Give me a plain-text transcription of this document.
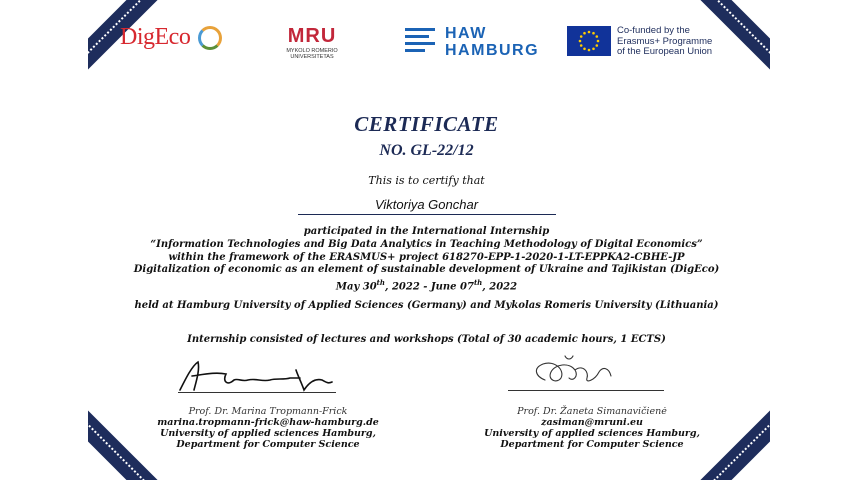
DigEco	MRU
MYKOLO ROMERIO UNIVERSITETAS
HAW
HAMBURG
Co-funded by the
Erasmus+ Programme
of the European Union
CERTIFICATE
NO. GL-22/12
This is to certify that
Viktoriya Gonchar

participated in the International Internship

“Information Technologies and Big Data Analytics in Teaching Methodology of Digital Economics”

within the framework of the ERASMUS+ project 618270-EPP-1-2020-1-LT-EPPKA2-CBHE-JP

Digitalization of economic as an element of sustainable development of Ukraine and Tajikistan (DigEco)

May 30th, 2022 - June 07th, 2022

held at Hamburg University of Applied Sciences (Germany) and Mykolas Romeris University (Lithuania)
Internship consisted of lectures and workshops (Total of 30 academic hours, 1 ECTS)
Prof. Dr. Marina Tropmann-Frick
marina.tropmann-frick@haw-hamburg.de
University of applied sciences Hamburg,
Department for Computer Science
Prof. Dr. Žaneta Simanavičienė
zasiman@mruni.eu
University of applied sciences Hamburg,
Department for Computer Science
